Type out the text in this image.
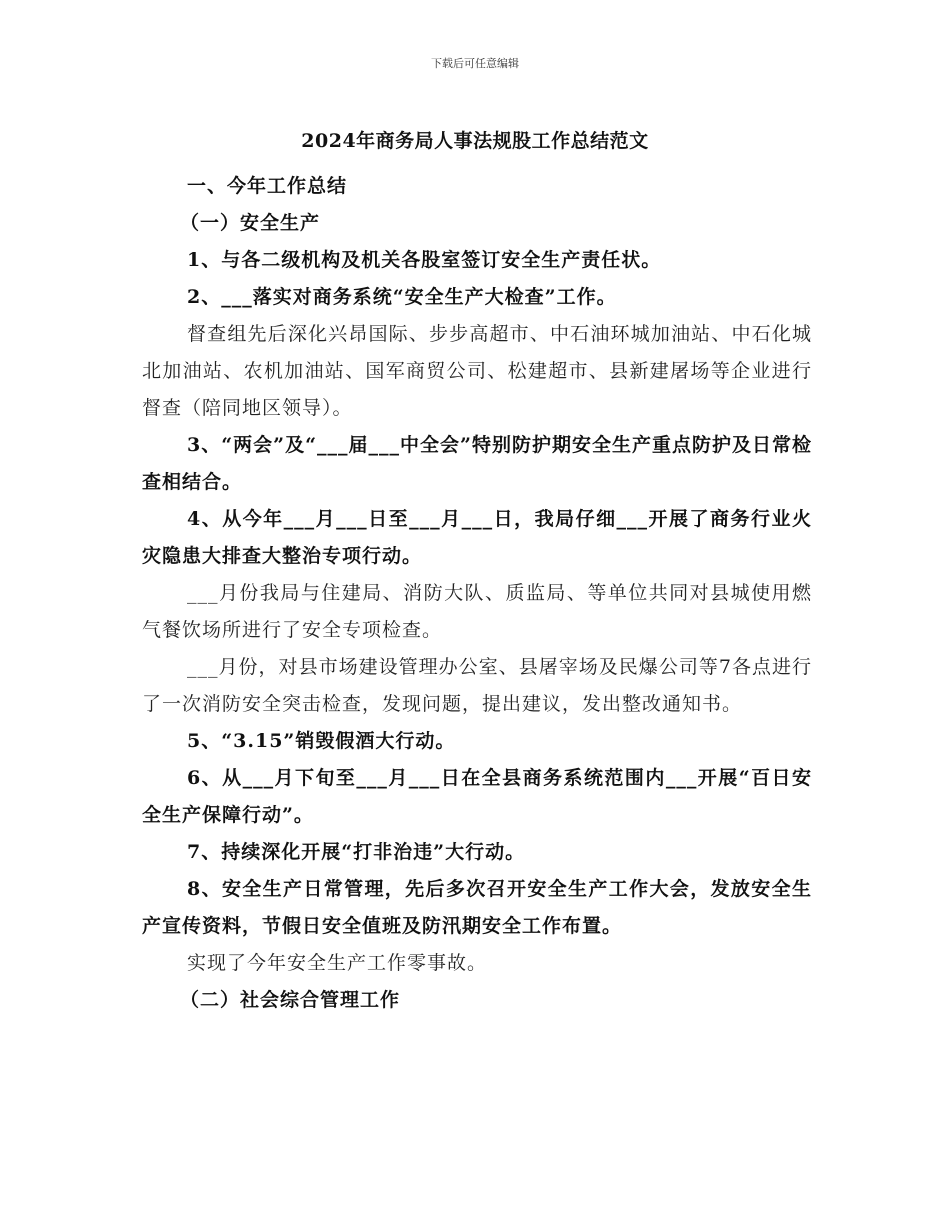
下载后可任意编辑
2024年商务局人事法规股工作总结范文

一、今年工作总结

（一）安全生产

1、与各二级机构及机关各股室签订安全生产责任状。

2、___落实对商务系统“安全生产大检查”工作。

督查组先后深化兴昂国际、步步高超市、中石油环城加油站、中石化城北加油站、农机加油站、国军商贸公司、松建超市、县新建屠场等企业进行督查（陪同地区领导）。

3、“两会”及“___届___中全会”特别防护期安全生产重点防护及日常检查相结合。

4、从今年___月___日至___月___日，我局仔细___开展了商务行业火灾隐患大排查大整治专项行动。

___月份我局与住建局、消防大队、质监局、等单位共同对县城使用燃气餐饮场所进行了安全专项检查。

___月份，对县市场建设管理办公室、县屠宰场及民爆公司等7各点进行了一次消防安全突击检查，发现问题，提出建议，发出整改通知书。

5、“3.15”销毁假酒大行动。

6、从___月下旬至___月___日在全县商务系统范围内___开展“百日安全生产保障行动”。

7、持续深化开展“打非治违”大行动。

8、安全生产日常管理，先后多次召开安全生产工作大会，发放安全生产宣传资料，节假日安全值班及防汛期安全工作布置。

实现了今年安全生产工作零事故。

（二）社会综合管理工作
